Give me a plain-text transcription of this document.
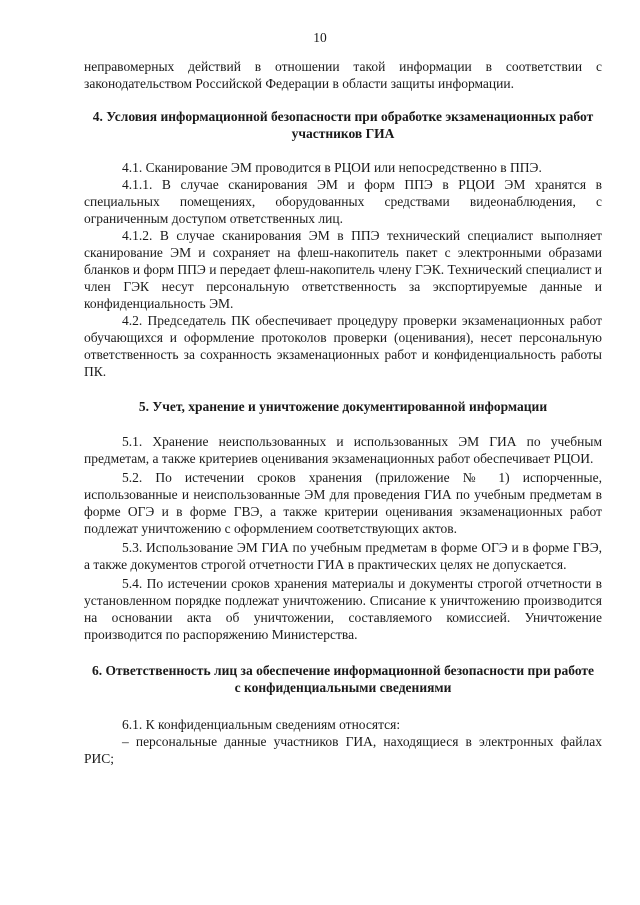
10

неправомерных действий в отношении такой информации в соответствии с законодательством Российской Федерации в области защиты информации.

4. Условия информационной безопасности при обработке экзаменационных работ участников ГИА

4.1. Сканирование ЭМ проводится в РЦОИ или непосредственно в ППЭ.

4.1.1. В случае сканирования ЭМ и форм ППЭ в РЦОИ ЭМ хранятся в специальных помещениях, оборудованных средствами видеонаблюдения, с ограниченным доступом ответственных лиц.

4.1.2. В случае сканирования ЭМ в ППЭ технический специалист выполняет сканирование ЭМ и сохраняет на флеш-накопитель пакет с электронными образами бланков и форм ППЭ и передает флеш-накопитель члену ГЭК. Технический специалист и член ГЭК несут персональную ответственность за экспортируемые данные и конфиденциальность ЭМ.

4.2. Председатель ПК обеспечивает процедуру проверки экзаменационных работ обучающихся и оформление протоколов проверки (оценивания), несет персональную ответственность за сохранность экзаменационных работ и конфиденциальность работы ПК.

5. Учет, хранение и уничтожение документированной информации

5.1. Хранение неиспользованных и использованных ЭМ ГИА по учебным предметам, а также критериев оценивания экзаменационных работ обеспечивает РЦОИ.

5.2. По истечении сроков хранения (приложение № 1) испорченные, использованные и неиспользованные ЭМ для проведения ГИА по учебным предметам в форме ОГЭ и в форме ГВЭ, а также критерии оценивания экзаменационных работ подлежат уничтожению с оформлением соответствующих актов.

5.3. Использование ЭМ ГИА по учебным предметам в форме ОГЭ и в форме ГВЭ, а также документов строгой отчетности ГИА в практических целях не допускается.

5.4. По истечении сроков хранения материалы и документы строгой отчетности в установленном порядке подлежат уничтожению. Списание к уничтожению производится на основании акта об уничтожении, составляемого комиссией. Уничтожение производится по распоряжению Министерства.

6. Ответственность лиц за обеспечение информационной безопасности при работе с конфиденциальными сведениями

6.1. К конфиденциальным сведениям относятся:

– персональные данные участников ГИА, находящиеся в электронных файлах РИС;
